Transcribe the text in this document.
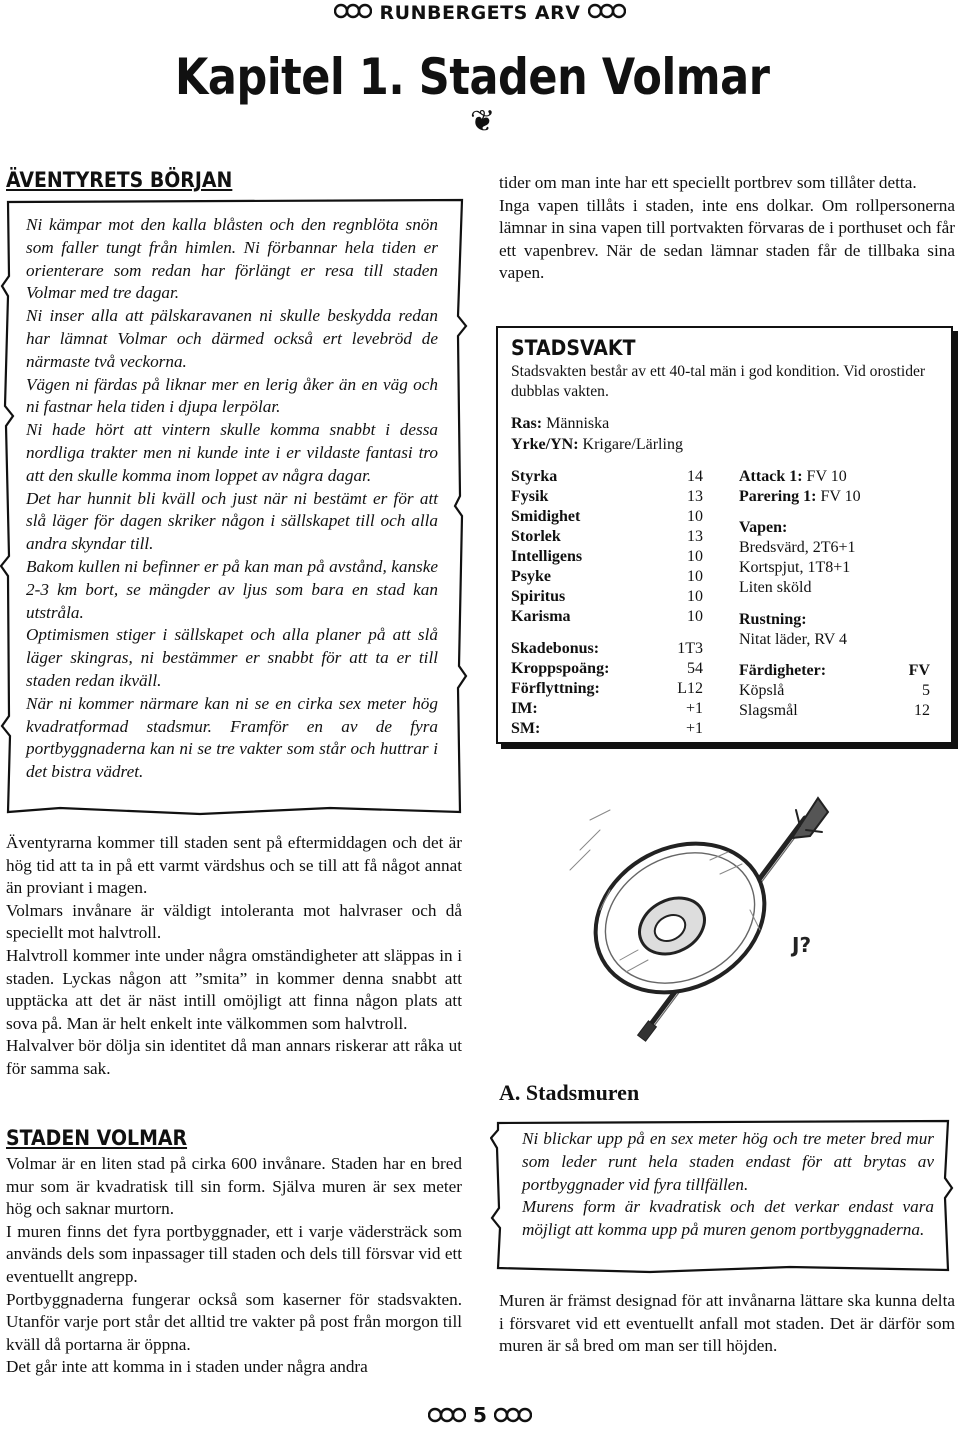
RUNBERGETS ARV
Kapitel 1. Staden Volmar
❦
ÄVENTYRETS BÖRJAN

Ni kämpar mot den kalla blåsten och den regnblöta snön som faller tungt från himlen. Ni förbannar hela tiden er orienterare som redan har förlängt er resa till staden Volmar med tre dagar.

Ni inser alla att pälskaravanen ni skulle beskydda redan har lämnat Volmar och därmed också ert levebröd de närmaste två veckorna.

Vägen ni färdas på liknar mer en lerig åker än en väg och ni fastnar hela tiden i djupa lerpölar.

Ni hade hört att vintern skulle komma snabbt i dessa nordliga trakter men ni kunde inte i er vildaste fantasi tro att den skulle komma inom loppet av några dagar.

Det har hunnit bli kväll och just när ni bestämt er för att slå läger för dagen skriker någon i sällskapet till och alla andra skyndar till.

Bakom kullen ni befinner er på kan man på avstånd, kanske 2-3 km bort, se mängder av ljus som bara en stad kan utstråla.

Optimismen stiger i sällskapet och alla planer på att slå läger skingras, ni bestämmer er snabbt för att ta er till staden redan ikväll.

När ni kommer närmare kan ni se en cirka sex meter hög kvadratformad stadsmur. Framför en av de fyra portbyggnaderna kan ni se tre vakter som står och huttrar i det bistra vädret.

Äventyrarna kommer till staden sent på eftermiddagen och det är hög tid att ta in på ett varmt värdshus och se till att få något annat än proviant i magen.

Volmars invånare är väldigt intoleranta mot halvraser och då speciellt mot halvtroll.

Halvtroll kommer inte under några omständigheter att släppas in i staden. Lyckas någon att ”smita” in kommer denna snabbt att upptäcka att det är näst intill omöjligt att finna någon plats att sova på. Man är helt enkelt inte välkommen som halvtroll.

Halvalver bör dölja sin identitet då man annars riskerar att råka ut för samma sak.

STADEN VOLMAR

Volmar är en liten stad på cirka 600 invånare. Staden har en bred mur som är kvadratisk till sin form. Själva muren är sex meter hög och saknar murtorn.

I muren finns det fyra portbyggnader, ett i varje vädersträck som används dels som inpassager till staden och dels till försvar vid ett eventuellt angrepp.

Portbyggnaderna fungerar också som kaserner för stadsvakten. Utanför varje port står det alltid tre vakter på post från morgon till kväll då portarna är öppna.

Det går inte att komma in i staden under några andra

tider om man inte har ett speciellt portbrev som tillåter detta.

Inga vapen tillåts i staden, inte ens dolkar. Om rollpersonerna lämnar in sina vapen till portvakten förvaras de i porthuset och får ett vapenbrev. När de sedan lämnar staden får de tillbaka sina vapen.

STADSVAKT
Stadsvakten består av ett 40-tal män i god kondition. Vid orostider dubblas vakten.
Ras: Människa
Yrke/YN: Krigare/Lärling
Styrka	14
Fysik	13
Smidighet	10
Storlek	13
Intelligens	10
Psyke	10
Spiritus	10
Karisma	10
Skadebonus:	1T3
Kroppspoäng:	54
Förflyttning:	L12
IM:	+1
SM:	+1
Attack 1: FV 10
Parering 1: FV 10
Vapen:
Bredsvärd, 2T6+1
Kortspjut, 1T8+1
Liten sköld
Rustning:
Nitat läder, RV 4
Färdigheter:	FV
Köpslå	5
Slagsmål	12
J?
A. Stadsmuren

Ni blickar upp på en sex meter hög och tre meter bred mur som leder runt hela staden endast för att brytas av portbyggnader vid fyra tillfällen.

Murens form är kvadratisk och det verkar endast vara möjligt att komma upp på muren genom portbyggnaderna.

Muren är främst designad för att invånarna lättare ska kunna delta i försvaret vid ett eventuellt anfall mot staden. Det är därför som muren är så bred om man ser till höjden.
5
